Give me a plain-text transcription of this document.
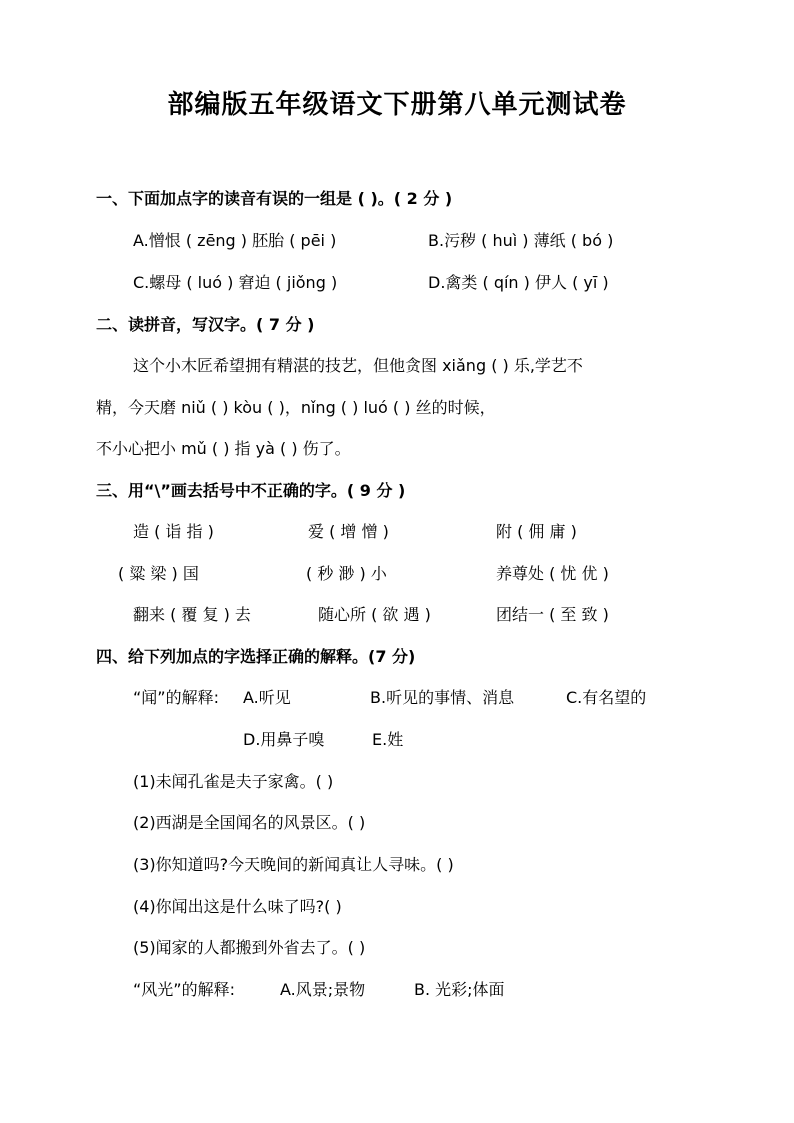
部编版五年级语文下册第八单元测试卷
一、下面加点字的读音有误的一组是 ( )。( 2 分 )
A.憎恨 ( zēng ) 胚胎 ( pēi )	B.污秽 ( huì ) 薄纸 ( bó )
C.螺母 ( luó ) 窘迫 ( jiǒng )	D.禽类 ( qín ) 伊人 ( yī )
二、读拼音，写汉字。( 7 分 )
这个小木匠希望拥有精湛的技艺，但他贪图 xiǎng ( ) 乐,学艺不
精，今天磨 niǔ ( ) kòu ( )，nǐng ( ) luó ( ) 丝的时候，
不小心把小 mǔ ( ) 指 yà ( ) 伤了。
三、用“\”画去括号中不正确的字。( 9 分 )
造 ( 诣 指 )	爱 ( 增 憎 )	附 ( 佣 庸 )
( 粱 梁 ) 国	( 秒 渺 ) 小	养尊处 ( 忧 优 )
翻来 ( 覆 复 ) 去	随心所 ( 欲 遇 )	团结一 ( 至 致 )
四、给下列加点的字选择正确的解释。(7 分)
“闻”的解释: A.听见	B.听见的事情、消息	C.有名望的
D.用鼻子嗅	E.姓
(1)未闻孔雀是夫子家禽。( )
(2)西湖是全国闻名的风景区。( )
(3)你知道吗?今天晚间的新闻真让人寻味。( )
(4)你闻出这是什么味了吗?( )
(5)闻家的人都搬到外省去了。( )
“风光”的解释:	A.风景;景物	B. 光彩;体面
